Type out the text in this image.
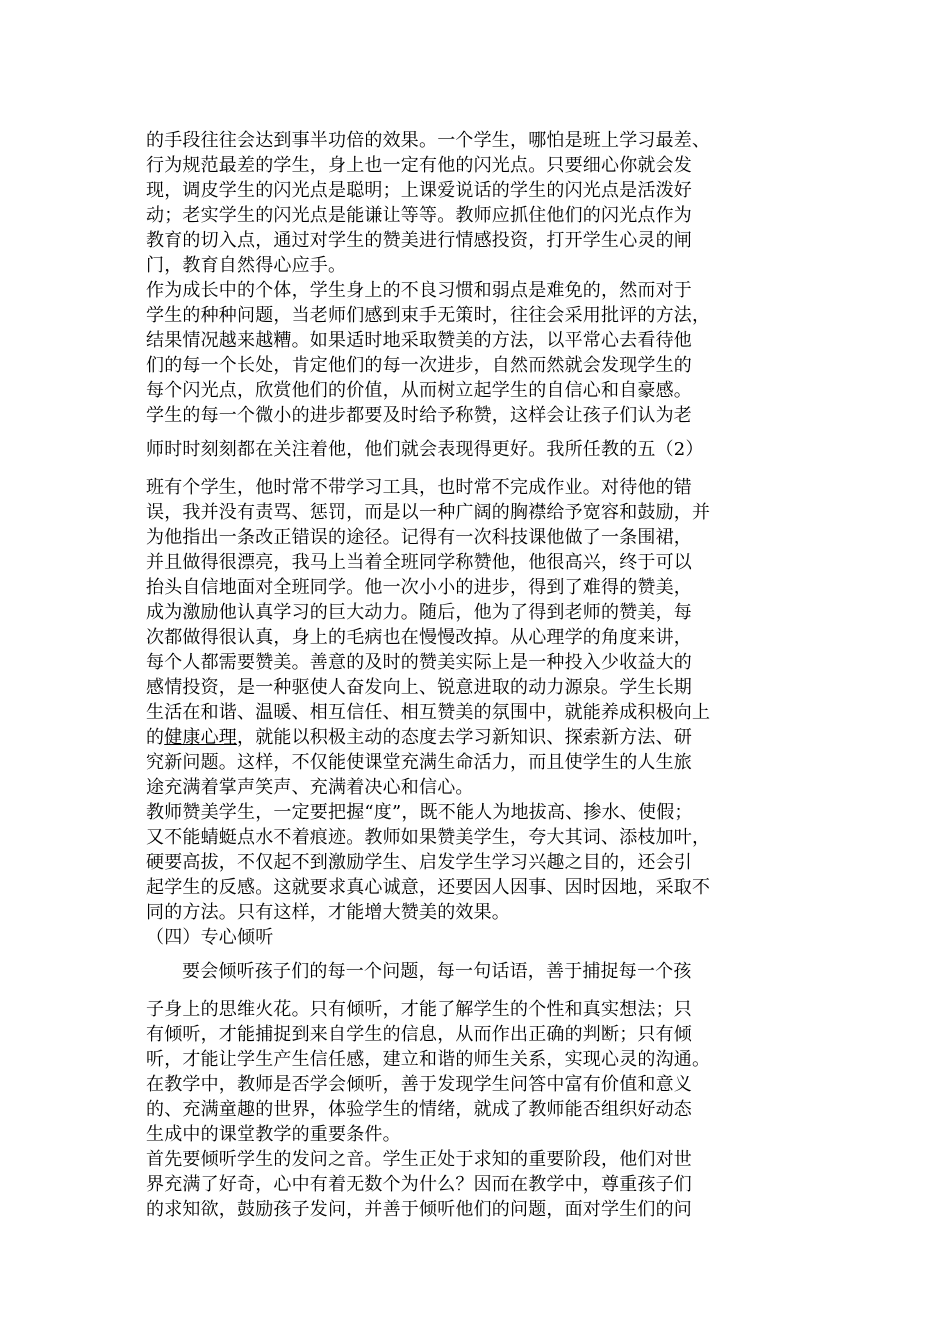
的手段往往会达到事半功倍的效果。一个学生，哪怕是班上学习最差、
行为规范最差的学生，身上也一定有他的闪光点。只要细心你就会发
现，调皮学生的闪光点是聪明；上课爱说话的学生的闪光点是活泼好
动；老实学生的闪光点是能谦让等等。教师应抓住他们的闪光点作为
教育的切入点，通过对学生的赞美进行情感投资，打开学生心灵的闸
门，教育自然得心应手。
作为成长中的个体，学生身上的不良习惯和弱点是难免的，然而对于
学生的种种问题，当老师们感到束手无策时，往往会采用批评的方法，
结果情况越来越糟。如果适时地采取赞美的方法，以平常心去看待他
们的每一个长处，肯定他们的每一次进步，自然而然就会发现学生的
每个闪光点，欣赏他们的价值，从而树立起学生的自信心和自豪感。
学生的每一个微小的进步都要及时给予称赞，这样会让孩子们认为老
师时时刻刻都在关注着他，他们就会表现得更好。我所任教的五（2）
班有个学生，他时常不带学习工具，也时常不完成作业。对待他的错
误，我并没有责骂、惩罚，而是以一种广阔的胸襟给予宽容和鼓励，并
为他指出一条改正错误的途径。记得有一次科技课他做了一条围裙，
并且做得很漂亮，我马上当着全班同学称赞他，他很高兴，终于可以
抬头自信地面对全班同学。他一次小小的进步，得到了难得的赞美，
成为激励他认真学习的巨大动力。随后，他为了得到老师的赞美，每
次都做得很认真，身上的毛病也在慢慢改掉。从心理学的角度来讲，
每个人都需要赞美。善意的及时的赞美实际上是一种投入少收益大的
感情投资，是一种驱使人奋发向上、锐意进取的动力源泉。学生长期
生活在和谐、温暖、相互信任、相互赞美的氛围中，就能养成积极向上
的健康心理，就能以积极主动的态度去学习新知识、探索新方法、研
究新问题。这样，不仅能使课堂充满生命活力，而且使学生的人生旅
途充满着掌声笑声、充满着决心和信心。
教师赞美学生，一定要把握“度”，既不能人为地拔高、掺水、使假；
又不能蜻蜓点水不着痕迹。教师如果赞美学生，夸大其词、添枝加叶，
硬要高拔，不仅起不到激励学生、启发学生学习兴趣之目的，还会引
起学生的反感。这就要求真心诚意，还要因人因事、因时因地，采取不
同的方法。只有这样，才能增大赞美的效果。
（四）专心倾听
要会倾听孩子们的每一个问题，每一句话语，善于捕捉每一个孩
子身上的思维火花。只有倾听，才能了解学生的个性和真实想法；只
有倾听，才能捕捉到来自学生的信息，从而作出正确的判断；只有倾
听，才能让学生产生信任感，建立和谐的师生关系，实现心灵的沟通。
在教学中，教师是否学会倾听，善于发现学生问答中富有价值和意义
的、充满童趣的世界，体验学生的情绪，就成了教师能否组织好动态
生成中的课堂教学的重要条件。
首先要倾听学生的发问之音。学生正处于求知的重要阶段，他们对世
界充满了好奇，心中有着无数个为什么？因而在教学中，尊重孩子们
的求知欲，鼓励孩子发问，并善于倾听他们的问题，面对学生们的问
